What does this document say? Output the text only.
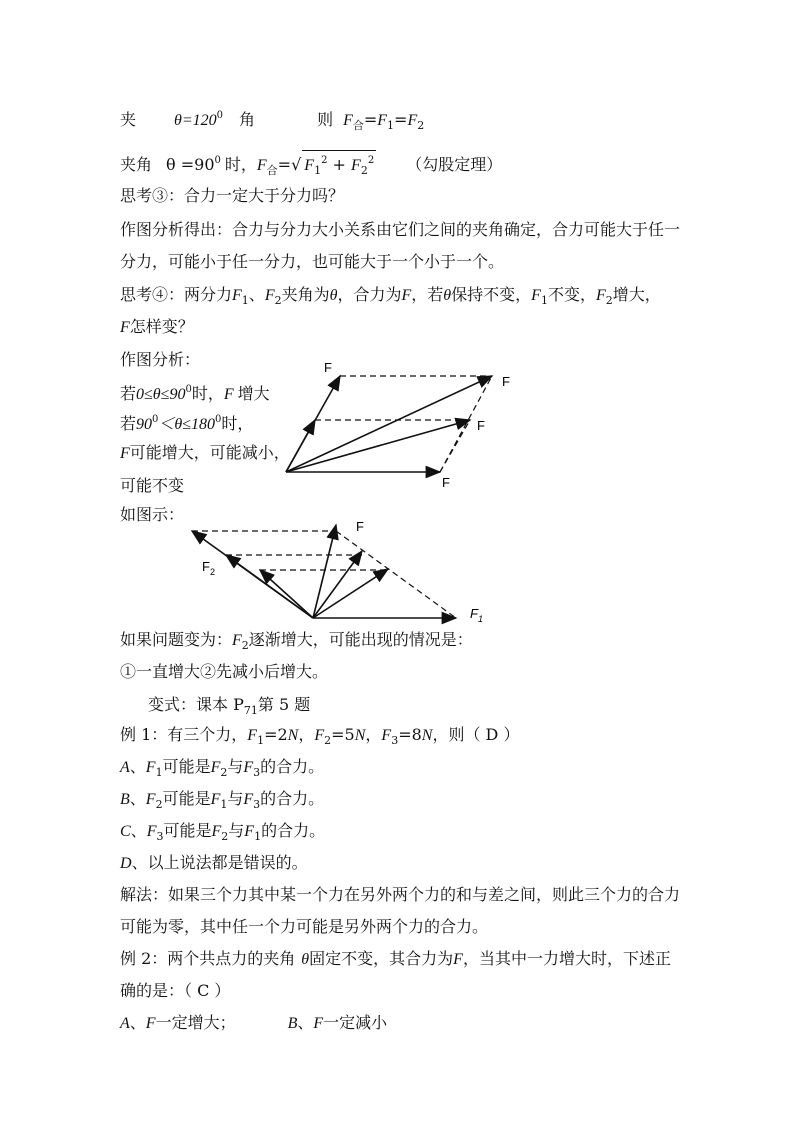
夹 $\theta=120^0$ 角	则 $F_合=F_1=F_2$
夹角 $\theta =90^0$ 时，$F_合=√$ $F_1^2 + F_2^2$ （勾股定理）
思考③：合力一定大于分力吗？
作图分析得出：合力与分力大小关系由它们之间的夹角确定，合力可能大于任一
分力，可能小于任一分力，也可能大于一个小于一个。
思考④：两分力$F_1$、$F_2$夹角为θ，合力为F，若θ保持不变，$F_1$不变，$F_2$增大，
F怎样变？
作图分析：
若$0\le\theta\le 90^0$时，F 增大
若$90^0<\theta\le 180^0$时，
F可能增大，可能减小，
可能不变
F
F
F
F
如图示：
F
$F_2$
$F_1$
如果问题变为：$F_2$逐渐增大，可能出现的情况是：
①一直增大②先减小后增大。
变式：课本 $P_{71}$第 5 题
例 1：有三个力，$F_1=2N$，$F_2=5N$，$F_3=8N$，则（ D ）
A、$F_1$可能是$F_2$与$F_3$的合力。
B、$F_2$可能是$F_1$与$F_3$的合力。
C、$F_3$可能是$F_2$与$F_1$的合力。
D、以上说法都是错误的。
解法：如果三个力其中某一个力在另外两个力的和与差之间，则此三个力的合力
可能为零，其中任一个力可能是另外两个力的合力。
例 2：两个共点力的夹角 θ固定不变，其合力为F，当其中一力增大时，下述正
确的是：（ C ）
A、F一定增大；	B、F一定减小
